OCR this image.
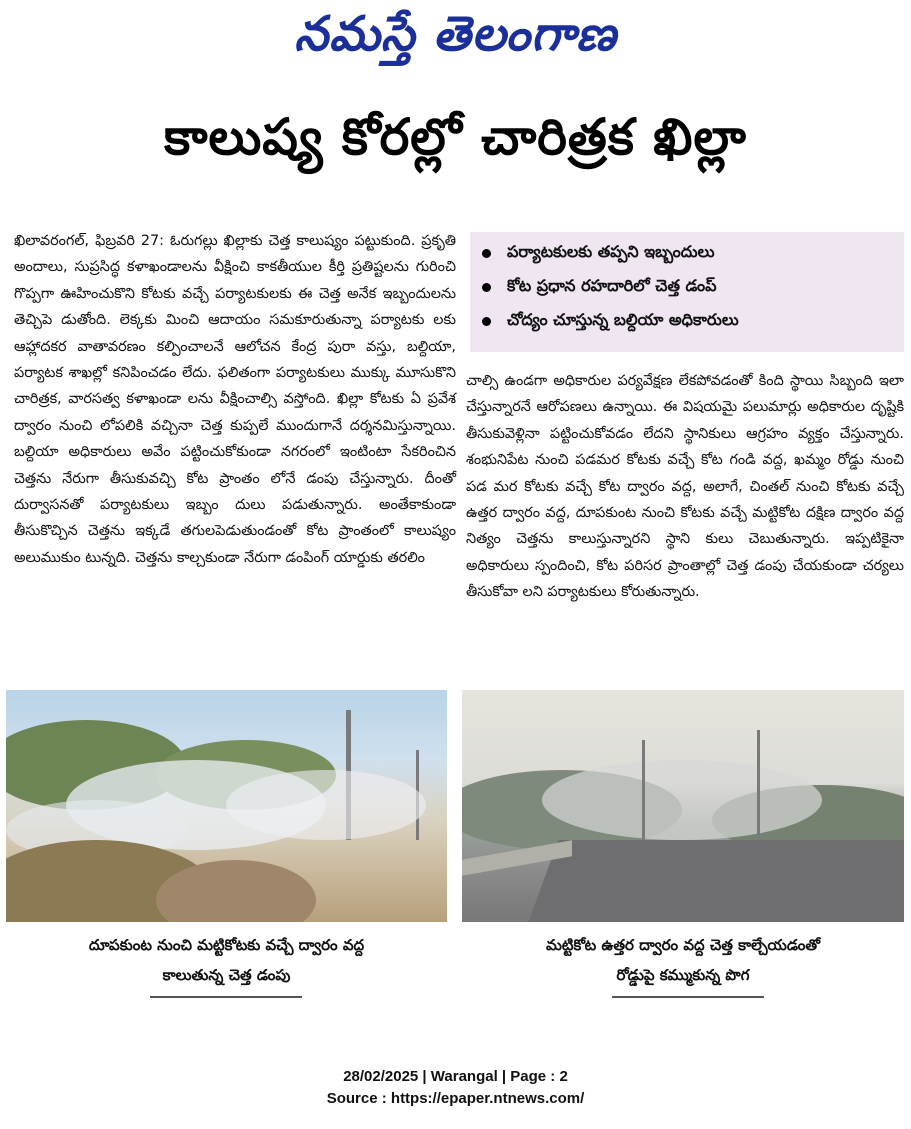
నమస్తే తెలంగాణ
కాలుష్య కోరల్లో చారిత్రక ఖిల్లా

ఖిలావరంగల్, ఫిబ్రవరి 27: ఓరుగల్లు ఖిల్లాకు చెత్త కాలుష్యం పట్టుకుంది. ప్రకృతి అందాలు, సుప్రసిద్ధ కళాఖండాలను వీక్షించి కాకతీయుల కీర్తి ప్రతిష్టలను గురించి గొప్పగా ఊహించుకొని కోటకు వచ్చే పర్యాటకులకు ఈ చెత్త అనేక ఇబ్బందులను తెచ్చిపె డుతోంది. లెక్కకు మించి ఆదాయం సమకూరుతున్నా పర్యాటకు లకు ఆహ్లాదకర వాతావరణం కల్పించాలనే ఆలోచన కేంద్ర పురా వస్తు, బల్దియా, పర్యాటక శాఖల్లో కనిపించడం లేదు. ఫలితంగా పర్యాటకులు ముక్కు మూసుకొని చారిత్రక, వారసత్వ కళాఖండా లను వీక్షించాల్సి వస్తోంది. ఖిల్లా కోటకు ఏ ప్రవేశ ద్వారం నుంచి లోపలికి వచ్చినా చెత్త కుప్పలే ముందుగానే దర్శనమిస్తున్నాయి. బల్దియా అధికారులు అవేం పట్టించుకోకుండా నగరంలో ఇంటింటా సేకరించిన చెత్తను నేరుగా తీసుకువచ్చి కోట ప్రాంతం లోనే డంపు చేస్తున్నారు. దీంతో దుర్వాసనతో పర్యాటకులు ఇబ్బం దులు పడుతున్నారు. అంతేకాకుండా తీసుకొచ్చిన చెత్తను ఇక్కడే తగులపెడుతుండంతో కోట ప్రాంతంలో కాలుష్యం అలుముకుం టున్నది. చెత్తను కాల్చకుండా నేరుగా డంపింగ్ యార్డుకు తరలిం

పర్యాటకులకు తప్పని ఇబ్బందులు
కోట ప్రధాన రహదారిలో చెత్త డంప్
చోద్యం చూస్తున్న బల్దియా అధికారులు

చాల్సి ఉండగా అధికారుల పర్యవేక్షణ లేకపోవడంతో కింది స్థాయి సిబ్బంది ఇలా చేస్తున్నారనే ఆరోపణలు ఉన్నాయి. ఈ విషయమై పలుమార్లు అధికారుల దృష్టికి తీసుకువెళ్లినా పట్టించుకోవడం లేదని స్థానికులు ఆగ్రహం వ్యక్తం చేస్తున్నారు. శంభునిపేట నుంచి పడమర కోటకు వచ్చే కోట గండి వద్ద, ఖమ్మం రోడ్డు నుంచి పడ మర కోటకు వచ్చే కోట ద్వారం వద్ద, అలాగే, చింతల్ నుంచి కోటకు వచ్చే ఉత్తర ద్వారం వద్ద, దూపకుంట నుంచి కోటకు వచ్చే మట్టికోట దక్షిణ ద్వారం వద్ద నిత్యం చెత్తను కాలుస్తున్నారని స్థాని కులు చెబుతున్నారు. ఇప్పటికైనా అధికారులు స్పందించి, కోట పరిసర ప్రాంతాల్లో చెత్త డంపు చేయకుండా చర్యలు తీసుకోవా లని పర్యాటకులు కోరుతున్నారు.

దూపకుంట నుంచి మట్టికోటకు వచ్చే ద్వారం వద్ద
కాలుతున్న చెత్త డంపు
మట్టికోట ఉత్తర ద్వారం వద్ద చెత్త కాల్చేయడంతో
రోడ్డుపై కమ్ముకున్న పొగ
28/02/2025 | Warangal | Page : 2
Source : https://epaper.ntnews.com/
